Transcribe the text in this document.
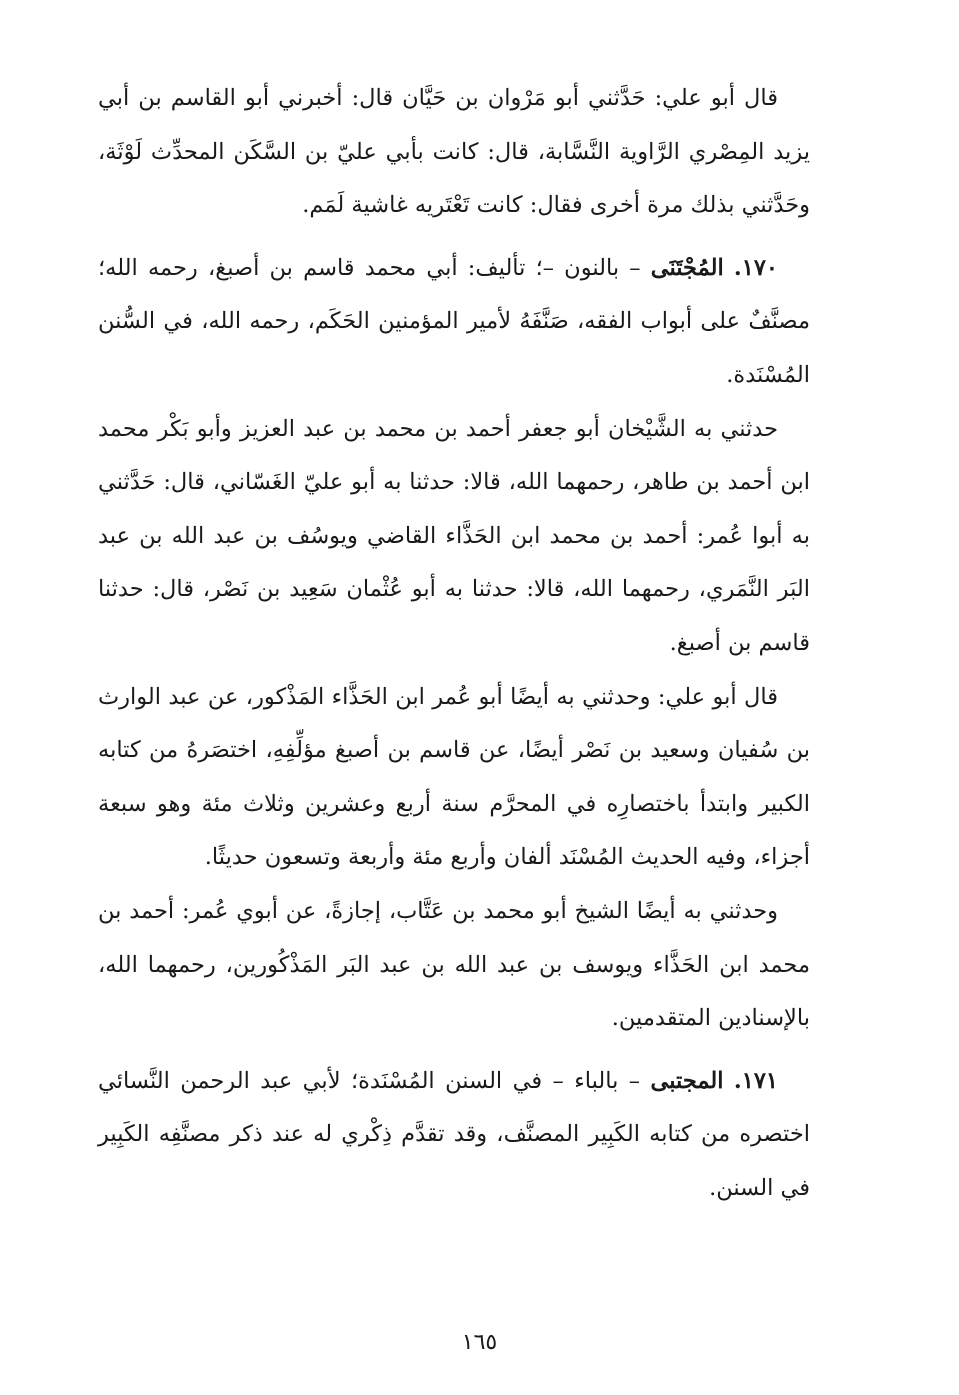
قال أبو علي: حَدَّثني أبو مَرْوان بن حَيَّان قال: أخبرني أبو القاسم بن أبي يزيد المِصْري الرَّاوية النَّسَّابة، قال: كانت بأبي عليّ بن السَّكَن المحدِّث لَوْثَة، وحَدَّثني بذلك مرة أخرى فقال: كانت تَعْتَريه غاشية لَمَم.

١٧٠. المُجْتَنَى – بالنون –؛ تأليف: أبي محمد قاسم بن أصبغ، رحمه الله؛ مصنَّفٌ على أبواب الفقه، صَنَّفَهُ لأمير المؤمنين الحَكَم، رحمه الله، في السُّنن المُسْنَدة.

حدثني به الشَّيْخان أبو جعفر أحمد بن محمد بن عبد العزيز وأبو بَكْر محمد ابن أحمد بن طاهر، رحمهما الله، قالا: حدثنا به أبو عليّ الغَسّاني، قال: حَدَّثني به أبوا عُمر: أحمد بن محمد ابن الحَذَّاء القاضي ويوسُف بن عبد الله بن عبد البَر النَّمَري، رحمهما الله، قالا: حدثنا به أبو عُثْمان سَعِيد بن نَصْر، قال: حدثنا قاسم بن أصبغ.

قال أبو علي: وحدثني به أيضًا أبو عُمر ابن الحَذَّاء المَذْكور، عن عبد الوارث بن سُفيان وسعيد بن نَصْر أيضًا، عن قاسم بن أصبغ مؤلِّفِهِ، اختصَرهُ من كتابه الكبير وابتدأ باختصارِه في المحرَّم سنة أربع وعشرين وثلاث مئة وهو سبعة أجزاء، وفيه الحديث المُسْنَد ألفان وأربع مئة وأربعة وتسعون حديثًا.

وحدثني به أيضًا الشيخ أبو محمد بن عَتَّاب، إجازةً، عن أبوي عُمر: أحمد بن محمد ابن الحَذَّاء ويوسف بن عبد الله بن عبد البَر المَذْكُورين، رحمهما الله، بالإسنادين المتقدمين.

١٧١. المجتبى – بالباء – في السنن المُسْنَدة؛ لأبي عبد الرحمن النَّسائي اختصره من كتابه الكَبِير المصنَّف، وقد تقدَّم ذِكْري له عند ذكر مصنَّفِه الكَبِير في السنن.

١٦٥
